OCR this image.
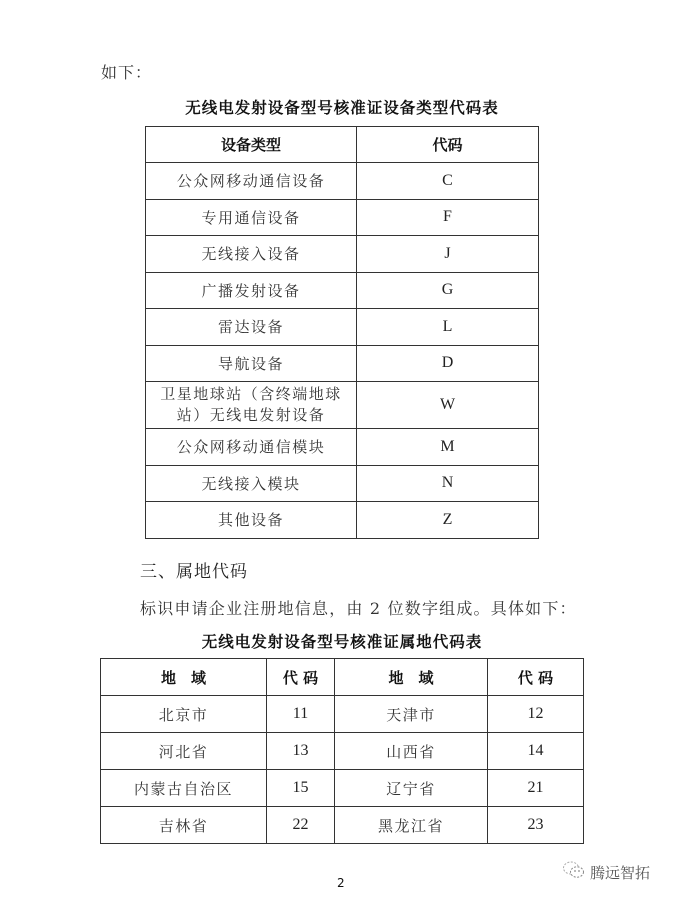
如下：
无线电发射设备型号核准证设备类型代码表
设备类型	代码
公众网移动通信设备	C
专用通信设备	F
无线接入设备	J
广播发射设备	G
雷达设备	L
导航设备	D

卫星地球站（含终端地球
站）无线电发射设备	W
公众网移动通信模块	M
无线接入模块	N
其他设备	Z
三、属地代码
标识申请企业注册地信息，由 2 位数字组成。具体如下：
无线电发射设备型号核准证属地代码表
地　域	代 码	地　域	代 码
北京市	11	天津市	12
河北省	13	山西省	14
内蒙古自治区	15	辽宁省	21
吉林省	22	黑龙江省	23
2
腾远智拓
